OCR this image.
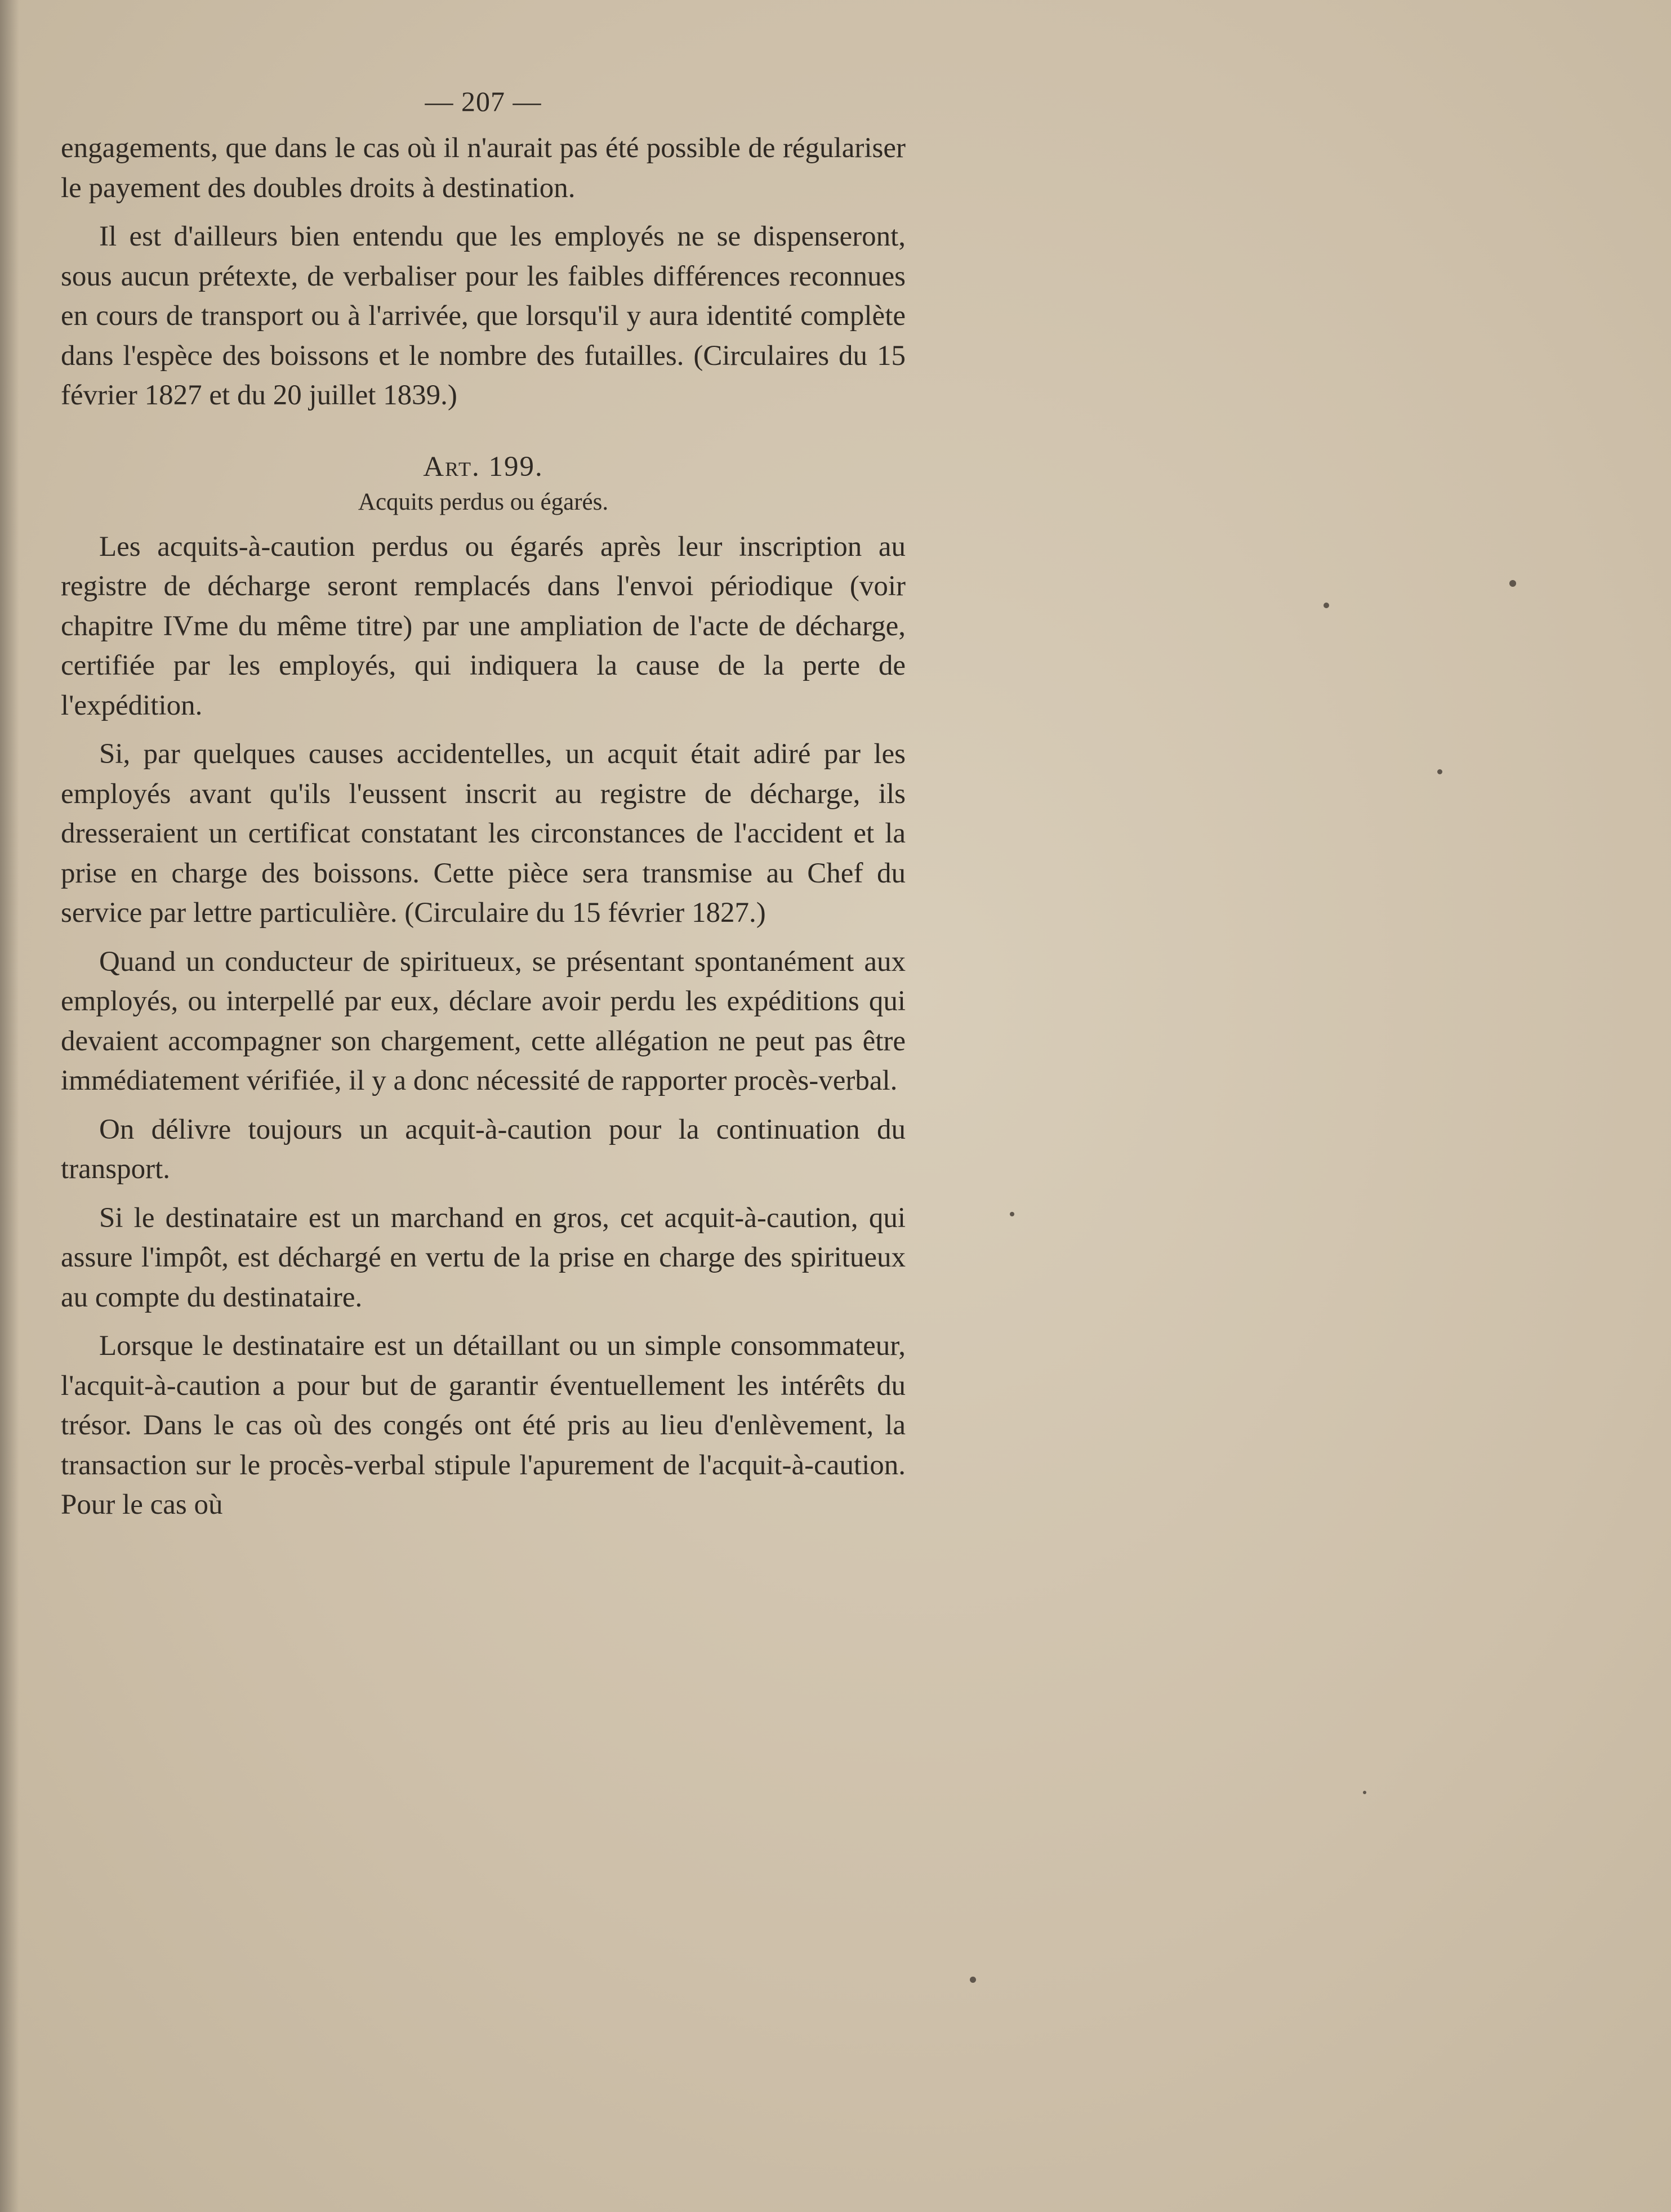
— 207 —

engagements, que dans le cas où il n'aurait pas été possible de régulariser le payement des doubles droits à destination.

Il est d'ailleurs bien entendu que les employés ne se dispenseront, sous aucun prétexte, de verbaliser pour les faibles différences reconnues en cours de transport ou à l'arrivée, que lorsqu'il y aura identité complète dans l'espèce des boissons et le nombre des futailles. (Circulaires du 15 février 1827 et du 20 juillet 1839.)

Art. 199.
Acquits perdus ou égarés.

Les acquits-à-caution perdus ou égarés après leur inscription au registre de décharge seront remplacés dans l'envoi périodique (voir chapitre IVme du même titre) par une ampliation de l'acte de décharge, certifiée par les employés, qui indiquera la cause de la perte de l'expédition.

Si, par quelques causes accidentelles, un acquit était adiré par les employés avant qu'ils l'eussent inscrit au registre de décharge, ils dresseraient un certificat constatant les circonstances de l'accident et la prise en charge des boissons. Cette pièce sera transmise au Chef du service par lettre particulière. (Circulaire du 15 février 1827.)

Quand un conducteur de spiritueux, se présentant spontanément aux employés, ou interpellé par eux, déclare avoir perdu les expéditions qui devaient accompagner son chargement, cette allégation ne peut pas être immédiatement vérifiée, il y a donc nécessité de rapporter procès-verbal.

On délivre toujours un acquit-à-caution pour la continuation du transport.

Si le destinataire est un marchand en gros, cet acquit-à-caution, qui assure l'impôt, est déchargé en vertu de la prise en charge des spiritueux au compte du destinataire.

Lorsque le destinataire est un détaillant ou un simple consommateur, l'acquit-à-caution a pour but de garantir éventuellement les intérêts du trésor. Dans le cas où des congés ont été pris au lieu d'enlèvement, la transaction sur le procès-verbal stipule l'apurement de l'acquit-à-caution. Pour le cas où
